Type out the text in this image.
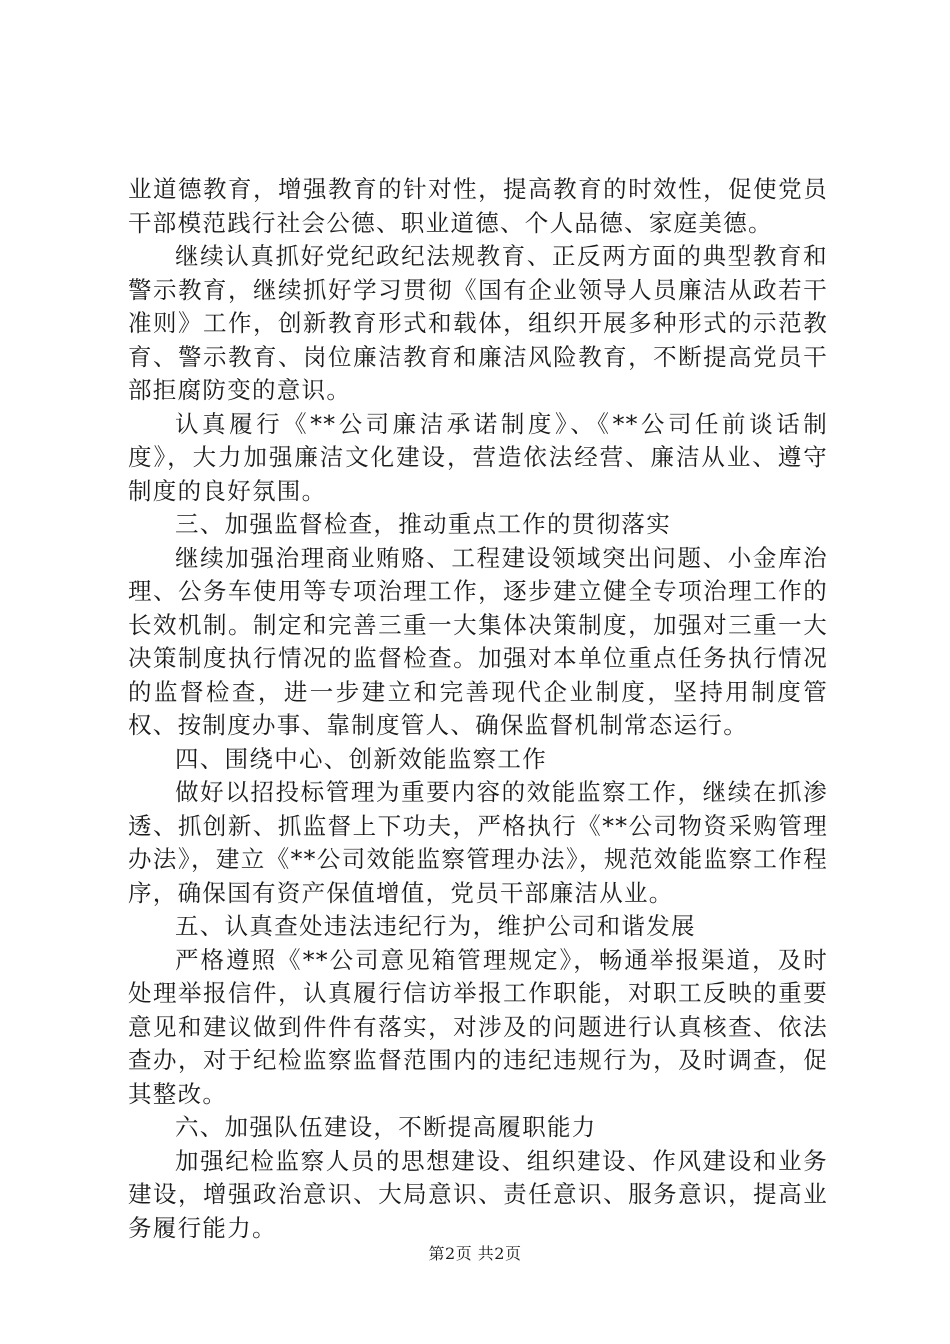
业道德教育，增强教育的针对性，提高教育的时效性，促使党员干部模范践行社会公德、职业道德、个人品德、家庭美德。

继续认真抓好党纪政纪法规教育、正反两方面的典型教育和警示教育，继续抓好学习贯彻《国有企业领导人员廉洁从政若干准则》工作，创新教育形式和载体，组织开展多种形式的示范教育、警示教育、岗位廉洁教育和廉洁风险教育，不断提高党员干部拒腐防变的意识。

认真履行《**公司廉洁承诺制度》、《**公司任前谈话制度》，大力加强廉洁文化建设，营造依法经营、廉洁从业、遵守制度的良好氛围。

三、加强监督检查，推动重点工作的贯彻落实

继续加强治理商业贿赂、工程建设领域突出问题、小金库治理、公务车使用等专项治理工作，逐步建立健全专项治理工作的长效机制。制定和完善三重一大集体决策制度，加强对三重一大决策制度执行情况的监督检查。加强对本单位重点任务执行情况的监督检查，进一步建立和完善现代企业制度，坚持用制度管权、按制度办事、靠制度管人、确保监督机制常态运行。

四、围绕中心、创新效能监察工作

做好以招投标管理为重要内容的效能监察工作，继续在抓渗透、抓创新、抓监督上下功夫，严格执行《**公司物资采购管理办法》，建立《**公司效能监察管理办法》，规范效能监察工作程序，确保国有资产保值增值，党员干部廉洁从业。

五、认真查处违法违纪行为，维护公司和谐发展

严格遵照《**公司意见箱管理规定》，畅通举报渠道，及时处理举报信件，认真履行信访举报工作职能，对职工反映的重要意见和建议做到件件有落实，对涉及的问题进行认真核查、依法查办，对于纪检监察监督范围内的违纪违规行为，及时调查，促其整改。

六、加强队伍建设，不断提高履职能力

加强纪检监察人员的思想建设、组织建设、作风建设和业务建设，增强政治意识、大局意识、责任意识、服务意识，提高业务履行能力。

第2页 共2页
